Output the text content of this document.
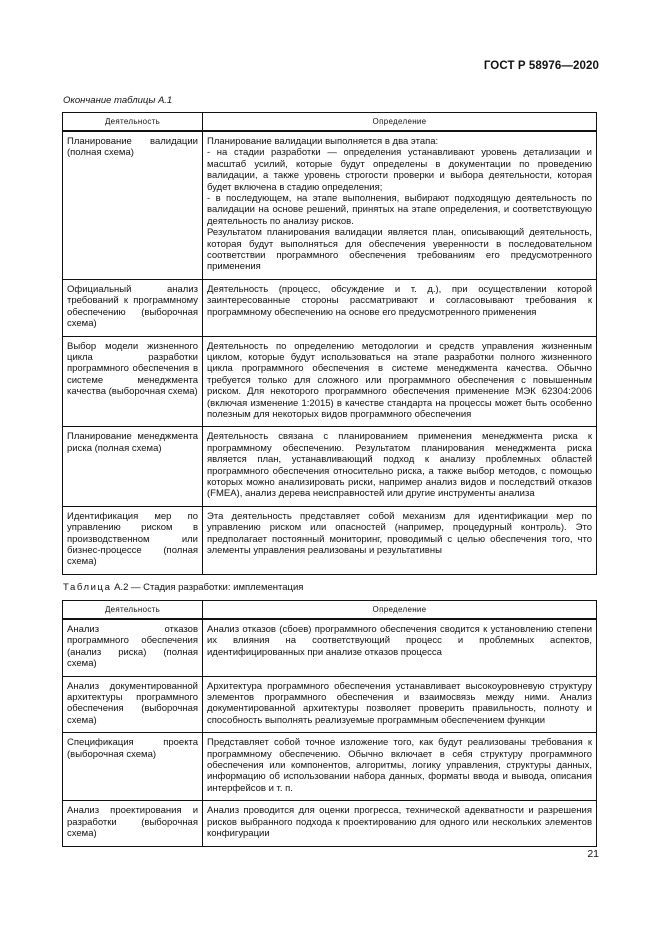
ГОСТ Р 58976—2020
Окончание таблицы А.1
Деятельность	Определение
Планирование валидации (полная схема)	Планирование валидации выполняется в два этапа:
- на стадии разработки — определения устанавливают уровень детализации и масштаб усилий, которые будут определены в документации по проведению валидации, а также уровень строгости проверки и выбора деятельности, которая будет включена в стадию определения;
- в последующем, на этапе выполнения, выбирают подходящую деятельность по валидации на основе решений, принятых на этапе определения, и соответствующую деятельность по анализу рисков.
Результатом планирования валидации является план, описывающий деятельность, которая будут выполняться для обеспечения уверенности в последовательном соответствии программного обеспечения требованиям его предусмотренного применения

Официальный анализ требований к программному обеспечению (выборочная схема)	Деятельность (процесс, обсуждение и т. д.), при осуществлении которой заинтересованные стороны рассматривают и согласовывают требования к программному обеспечению на основе его предусмотренного применения

Выбор модели жизненного цикла разработки программного обеспечения в системе менеджмента качества (выборочная схема)	Деятельность по определению методологии и средств управления жизненным циклом, которые будут использоваться на этапе разработки полного жизненного цикла программного обеспечения в системе менеджмента качества. Обычно требуется только для сложного или программного обеспечения с повышенным риском. Для некоторого программного обеспечения применение МЭК 62304:2006 (включая изменение 1:2015) в качестве стандарта на процессы может быть особенно полезным для некоторых видов программного обеспечения

Планирование менеджмента риска (полная схема)	Деятельность связана с планированием применения менеджмента риска к программному обеспечению. Результатом планирования менеджмента риска является план, устанавливающий подход к анализу проблемных областей программного обеспечения относительно риска, а также выбор методов, с помощью которых можно анализировать риски, например анализ видов и последствий отказов (FMEA), анализ дерева неисправностей или другие инструменты анализа

Идентификация мер по управлению риском в производственном или бизнес-процессе (полная схема)	Эта деятельность представляет собой механизм для идентификации мер по управлению риском или опасностей (например, процедурный контроль). Это предполагает постоянный мониторинг, проводимый с целью обеспечения того, что элементы управления реализованы и результативны
Таблица А.2 — Стадия разработки: имплементация
Деятельность	Определение
Анализ отказов программного обеспечения (анализ риска) (полная схема)	Анализ отказов (сбоев) программного обеспечения сводится к установлению степени их влияния на соответствующий процесс и проблемных аспектов, идентифицированных при анализе отказов процесса

Анализ документированной архитектуры программного обеспечения (выборочная схема)	Архитектура программного обеспечения устанавливает высокоуровневую структуру элементов программного обеспечения и взаимосвязь между ними. Анализ документированной архитектуры позволяет проверить правильность, полноту и способность выполнять реализуемые программным обеспечением функции

Спецификация проекта (выборочная схема)	Представляет собой точное изложение того, как будут реализованы требования к программному обеспечению. Обычно включает в себя структуру программного обеспечения или компонентов, алгоритмы, логику управления, структуры данных, информацию об использовании набора данных, форматы ввода и вывода, описания интерфейсов и т. п.

Анализ проектирования и разработки (выборочная схема)	Анализ проводится для оценки прогресса, технической адекватности и разрешения рисков выбранного подхода к проектированию для одного или нескольких элементов конфигурации
21
